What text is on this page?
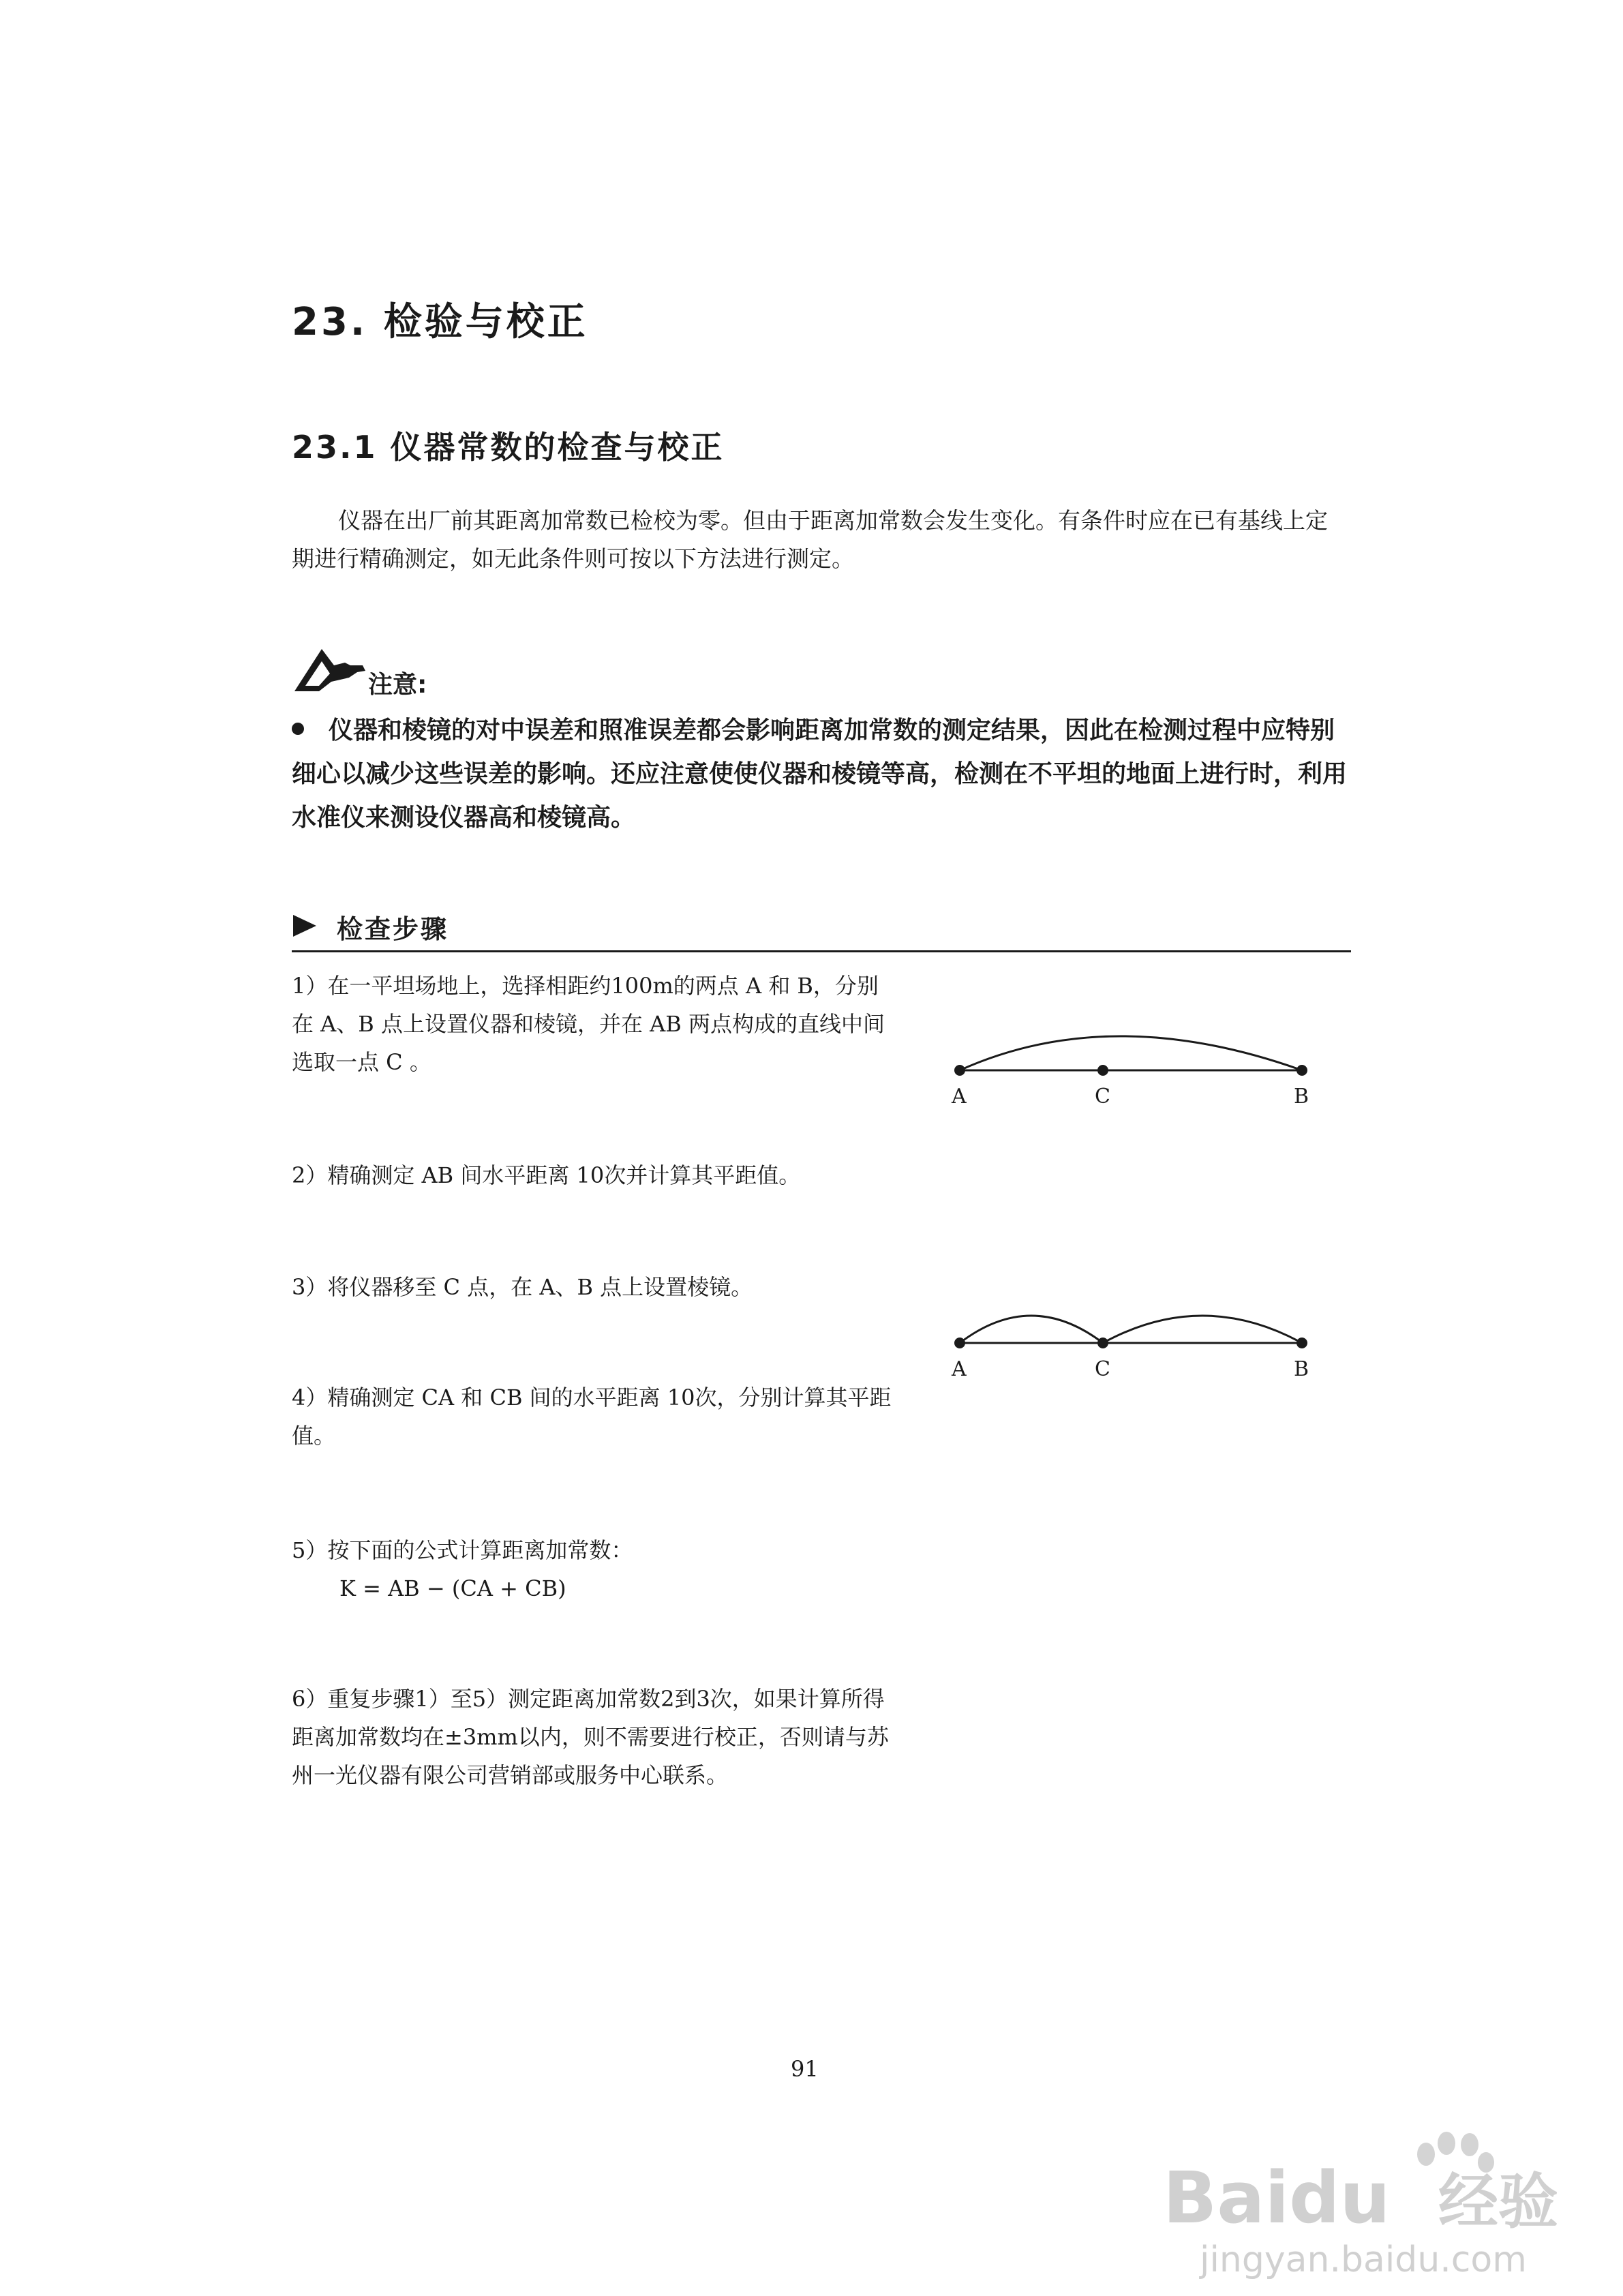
23. 检验与校正
23.1 仪器常数的检查与校正
仪器在出厂前其距离加常数已检校为零。但由于距离加常数会发生变化。有条件时应在已有基线上定期进行精确测定，如无此条件则可按以下方法进行测定。
注意:
仪器和棱镜的对中误差和照准误差都会影响距离加常数的测定结果，因此在检测过程中应特别细心以减少这些误差的影响。还应注意使使仪器和棱镜等高，检测在不平坦的地面上进行时，利用水准仪来测设仪器高和棱镜高。
检查步骤
1）在一平坦场地上，选择相距约100m的两点 A 和 B，分别在 A、B 点上设置仪器和棱镜，并在 AB 两点构成的直线中间选取一点 C 。
2）精确测定 AB 间水平距离 10次并计算其平距值。
3）将仪器移至 C 点，在 A、B 点上设置棱镜。
4）精确测定 CA 和 CB 间的水平距离 10次，分别计算其平距值。
5）按下面的公式计算距离加常数：
K = AB − (CA + CB)
6）重复步骤1）至5）测定距离加常数2到3次，如果计算所得距离加常数均在±3mm以内，则不需要进行校正，否则请与苏州一光仪器有限公司营销部或服务中心联系。
A	C	B
A	C	B
91
Baidu 经验
jingyan.baidu.com
